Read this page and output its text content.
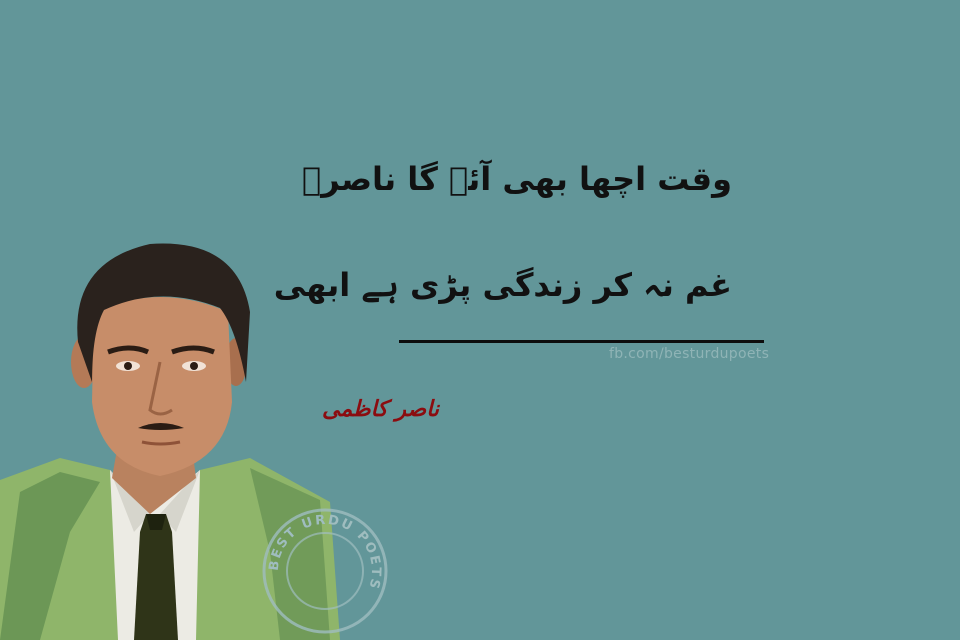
وقت اچھا بھی آئے گا ناصرؔ
غم نہ کر زندگی پڑی ہے ابھی
fb.com/besturdupoets
ناصر کاظمی
BEST URDU POETS
